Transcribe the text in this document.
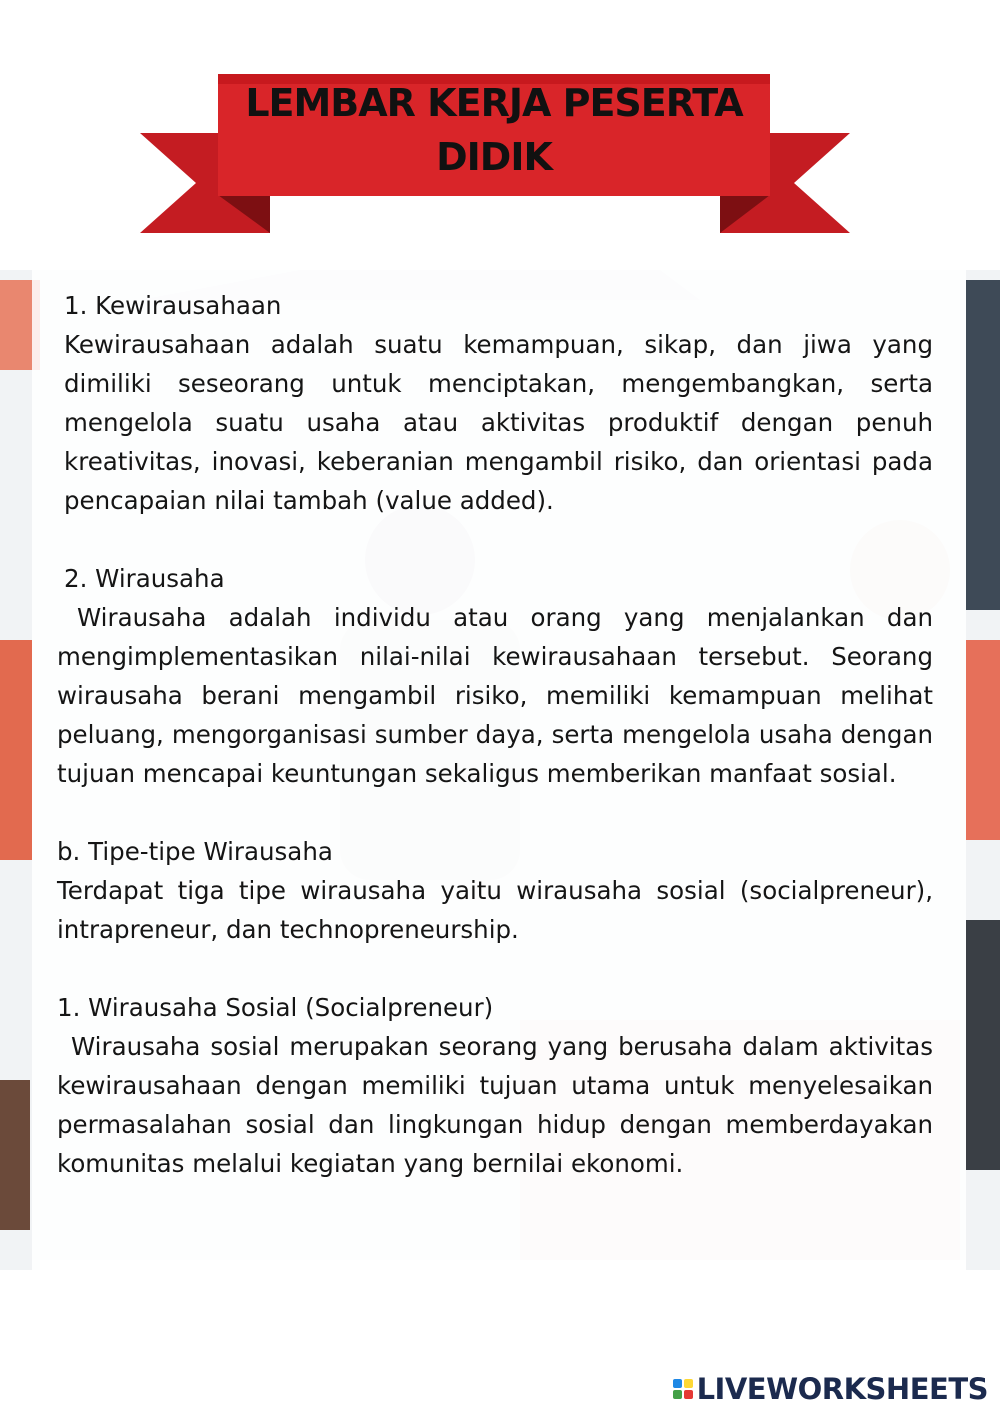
LEMBAR KERJA PESERTA
DIDIK

1. Kewirausahaan

Kewirausahaan adalah suatu kemampuan, sikap, dan jiwa yang dimiliki seseorang untuk menciptakan, mengembangkan, serta mengelola suatu usaha atau aktivitas produktif dengan penuh kreativitas, inovasi, keberanian mengambil risiko, dan orientasi pada pencapaian nilai tambah (value added).

2. Wirausaha

Wirausaha adalah individu atau orang yang menjalankan dan mengimplementasikan nilai-nilai kewirausahaan tersebut. Seorang wirausaha berani mengambil risiko, memiliki kemampuan melihat peluang, mengorganisasi sumber daya, serta mengelola usaha dengan tujuan mencapai keuntungan sekaligus memberikan manfaat sosial.

b. Tipe-tipe Wirausaha

Terdapat tiga tipe wirausaha yaitu wirausaha sosial (socialpreneur), intrapreneur, dan technopreneurship.

1. Wirausaha Sosial (Socialpreneur)

Wirausaha sosial merupakan seorang yang berusaha dalam aktivitas kewirausahaan dengan memiliki tujuan utama untuk menyelesaikan permasalahan sosial dan lingkungan hidup dengan memberdayakan komunitas melalui kegiatan yang bernilai ekonomi.

LIVEWORKSHEETS
